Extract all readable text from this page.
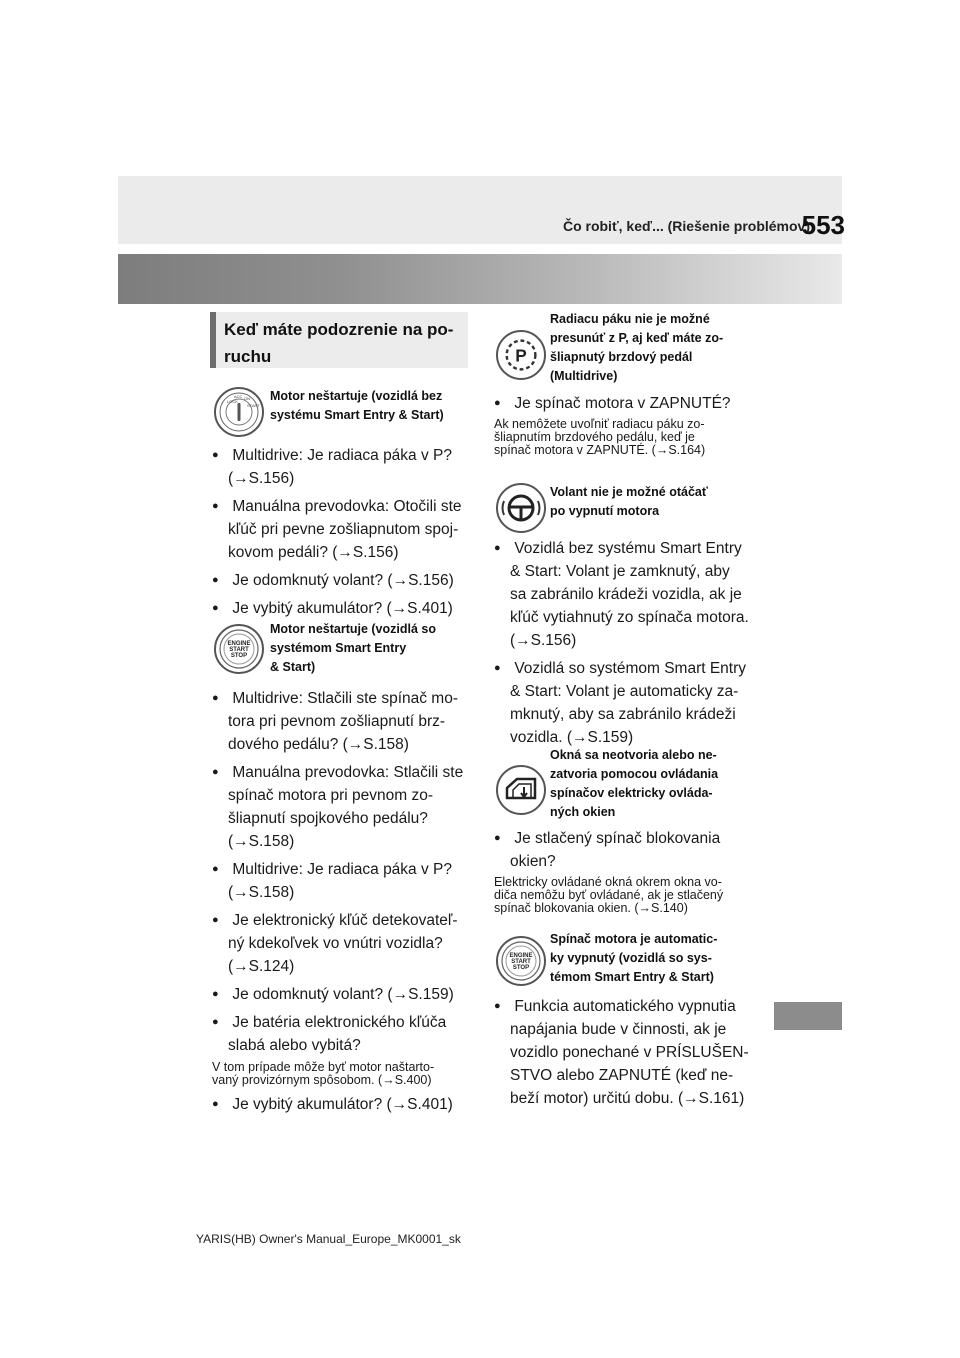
Čo robiť, keď... (Riešenie problémov)
553
Keď máte podozrenie na po-
ruchu
LOCK
ACC ON
START
Motor neštartuje (vozidlá bez
systému Smart Entry & Start)
● Multidrive: Je radiaca páka v P?
(→S.156)
● Manuálna prevodovka: Otočili ste
kľúč pri pevne zošliapnutom spoj-
kovom pedáli? (→S.156)
● Je odomknutý volant? (→S.156)
● Je vybitý akumulátor? (→S.401)
ENGINE
START
STOP
Motor neštartuje (vozidlá so
systémom Smart Entry
& Start)
● Multidrive: Stlačili ste spínač mo-
tora pri pevnom zošliapnutí brz-
dového pedálu? (→S.158)
● Manuálna prevodovka: Stlačili ste
spínač motora pri pevnom zo-
šliapnutí spojkového pedálu?
(→S.158)
● Multidrive: Je radiaca páka v P?
(→S.158)
● Je elektronický kľúč detekovateľ-
ný kdekoľvek vo vnútri vozidla?
(→S.124)
● Je odomknutý volant? (→S.159)
● Je batéria elektronického kľúča
slabá alebo vybitá?
V tom prípade môže byť motor naštarto-
vaný provizórnym spôsobom. (→S.400)
● Je vybitý akumulátor? (→S.401)
P
Radiacu páku nie je možné
presunúť z P, aj keď máte zo-
šliapnutý brzdový pedál
(Multidrive)
● Je spínač motora v ZAPNUTÉ?
Ak nemôžete uvoľniť radiacu páku zo-
šliapnutím brzdového pedálu, keď je
spínač motora v ZAPNUTÉ. (→S.164)
Volant nie je možné otáčať
po vypnutí motora
● Vozidlá bez systému Smart Entry
& Start: Volant je zamknutý, aby
sa zabránilo krádeži vozidla, ak je
kľúč vytiahnutý zo spínača motora.
(→S.156)
● Vozidlá so systémom Smart Entry
& Start: Volant je automaticky za-
mknutý, aby sa zabránilo krádeži
vozidla. (→S.159)
Okná sa neotvoria alebo ne-
zatvoria pomocou ovládania
spínačov elektricky ovláda-
ných okien
● Je stlačený spínač blokovania
okien?
Elektricky ovládané okná okrem okna vo-
diča nemôžu byť ovládané, ak je stlačený
spínač blokovania okien. (→S.140)
ENGINE
START
STOP
Spínač motora je automatic-
ky vypnutý (vozidlá so sys-
témom Smart Entry & Start)
● Funkcia automatického vypnutia
napájania bude v činnosti, ak je
vozidlo ponechané v PRÍSLUŠEN-
STVO alebo ZAPNUTÉ (keď ne-
beží motor) určitú dobu. (→S.161)
YARIS(HB) Owner's Manual_Europe_MK0001_sk
